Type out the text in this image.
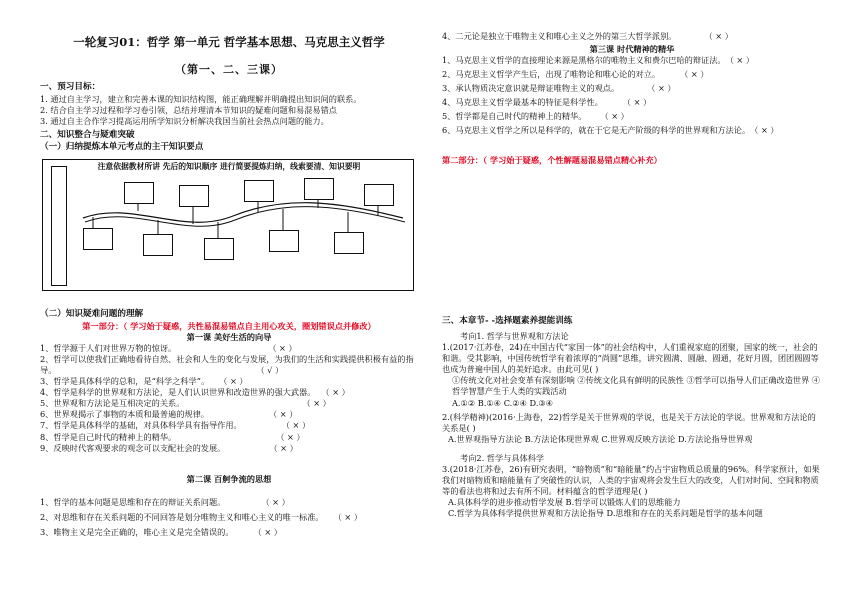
一轮复习01：哲学 第一单元 哲学基本思想、马克思主义哲学
（第一、二、三课）
一、预习目标：
1. 通过自主学习，建立和完善本课的知识结构图，能正确理解并明确提出知识间的联系。
2. 结合自主学习过程和学习卷引领，总结并理清本节知识的疑难问题和易混易错点
3. 通过自主合作学习提高运用所学知识分析解决我国当前社会热点问题的能力。
二、知识整合与疑难突破
（一）归纳提炼本单元考点的主干知识要点
注意依据教材所讲 先后的知识顺序 进行简要提炼归纳，线索要清、知识要明
（二）知识疑难问题的理解
第一部分：（ 学习始于疑惑，共性易混易错点自主用心攻关，圈划错误点并修改）
第一课 美好生活的向导
1、哲学源于人们对世界万物的惊讶。	（ × ）
2、哲学可以使我们正确地看待自然、社会和人生的变化与发展，为我们的生活和实践提供积极有益的指导。	（ √ ）
3、哲学是具体科学的总和，是“科学之科学”。 （ × ）
4、哲学是科学的世界观和方法论，是人们认识世界和改造世界的强大武器。 （ × ）
5、世界观和方法论是互相决定的关系。	（ × ）
6、世界观揭示了事物的本质和最普遍的规律。	（ × ）
7、哲学是具体科学的基础，对具体科学具有指导作用。	（ × ）
8、哲学是自己时代的精神上的精华。	（ × ）
9、反映时代客观要求的观念可以支配社会的发展。	（ × ）
第二课 百舸争流的思想
1、哲学的基本问题是思维和存在的辩证关系问题。	（ × ）
2、对思维和存在关系问题的不同回答是划分唯物主义和唯心主义的唯一标准。 （ × ）
3、唯物主义是完全正确的，唯心主义是完全错误的。 （ × ）
4、二元论是独立于唯物主义和唯心主义之外的第三大哲学派别。	（ × ）
第三课 时代精神的精华
1、马克思主义哲学的直接理论来源是黑格尔的唯物主义和费尔巴哈的辩证法。（ × ）
2、马克思主义哲学产生后，出现了唯物论和唯心论的对立。 （ × ）
3、承认物质决定意识就是辩证唯物主义的观点。	（ × ）
4、马克思主义哲学最基本的特征是科学性。 （ × ）
5、哲学都是自己时代的精神上的精华。 （ × ）
6、马克思主义哲学之所以是科学的，就在于它是无产阶级的科学的世界观和方法论。（ × ）
第二部分：（ 学习始于疑惑，个性解题易混易错点精心补充）
三、本章节- -选择题素养提能训练
考向1. 哲学与世界观和方法论
1.(2017·江苏卷，24)在中国古代“家国一体”的社会结构中，人们重视家庭的团聚，国家的统一，社会的和谐。受其影响，中国传统哲学有着浓厚的“尚圆”思维，讲究圆满、圆融、圆通，花好月圆，团团圆圆等也成为普遍中国人的美好追求。由此可见( )
①传统文化对社会变革有深刻影响 ②传统文化具有鲜明的民族性 ③哲学可以指导人们正确改造世界 ④哲学智慧产生于人类的实践活动
A.①② B.①④ C.②④ D.③④
2.(科学精神)(2016·上海卷，22)哲学是关于世界观的学说，也是关于方法论的学说。世界观和方法论的关系是( )
A.世界观指导方法论 B.方法论体现世界观 C.世界观反映方法论 D.方法论指导世界观
考向2. 哲学与具体科学
3.(2018·江苏卷，26)有研究表明，“暗物质”和“暗能量”约占宇宙物质总质量的96%。科学家预计，如果我们对暗物质和暗能量有了突破性的认识，人类的宇宙观将会发生巨大的改变，人们对时间、空间和物质等的看法也将和过去有所不同。材料蕴含的哲学道理是( )
A.具体科学的进步推动哲学发展 B.哲学可以锻炼人们的思维能力
C.哲学为具体科学提供世界观和方法论指导 D.思维和存在的关系问题是哲学的基本问题
